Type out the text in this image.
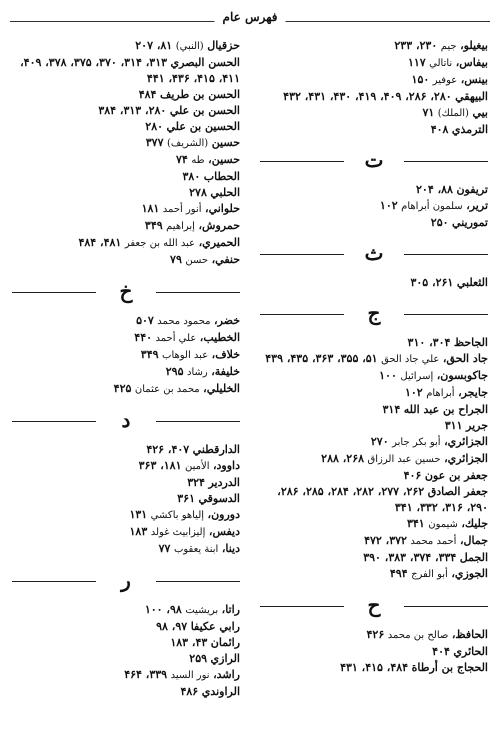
فهرس عام

بيغيلو، جيم ۲۳۰، ۲۳۳

بيفاس، ناتالي ۱۱۷

بينس، عوفير ۱۵۰

البيهقي ۲۸۰، ۲۸۶، ۴۰۹، ۴۱۹، ۴۳۰، ۴۳۱، ۴۳۲

بيي (الملك) ۷۱

الترمذي ۴۰۸

ت

تريفون ۸۸، ۲۰۴

ترير، سلمون أبراهام ۱۰۲

تموريني ۲۵۰

ث

الثعلبي ۲۶۱، ۳۰۵

ج

الجاحظ ۳۰۴، ۳۱۰

جاد الحق، علي جاد الحق ۵۱، ۳۵۵، ۳۶۳، ۴۳۵، ۴۳۹

جاكوبسون، إسرائيل ۱۰۰

جايجر، أبراهام ۱۰۲

الجراح بن عبد الله ۳۱۴

جرير ۳۱۱

الجزائري، أبو بكر جابر ۲۷۰

الجزائري، حسين عبد الرزاق ۲۶۸، ۲۸۸

جعفر بن عون ۴۰۶

جعفر الصادق ۲۶۲، ۲۷۷، ۲۸۲، ۲۸۴، ۲۸۵، ۲۸۶، ۲۹۰، ۳۱۶، ۳۳۲، ۳۴۱

جليك، شيمون ۳۴۱

جمال، أحمد محمد ۳۷۲، ۴۷۲

الجمل ۳۳۴، ۳۷۴، ۳۸۳، ۳۹۰

الجوزي، أبو الفرج ۴۹۴

ح

الحافظ، صالح بن محمد ۴۲۶

الحائري ۴۰۴

الحجاج بن أرطاة ۴۸۴، ۴۱۵، ۴۳۱

حزقيال (النبي) ۸۱، ۲۰۷

الحسن البصري ۳۱۳، ۳۱۴، ۳۷۰، ۳۷۵، ۳۷۸، ۴۰۹، ۴۱۱، ۴۱۵، ۴۳۶، ۴۴۱

الحسن بن طريف ۴۸۴

الحسن بن علي ۲۸۰، ۳۱۳، ۳۸۴

الحسين بن علي ۲۸۰

حسين (الشريف) ۳۷۷

حسين، طه ۷۴

الحطاب ۳۸۰

الحلبي ۲۷۸

حلواني، أنور أحمد ۱۸۱

حمروش، إبراهيم ۳۴۹

الحميري، عبد الله بن جعفر ۴۸۱، ۴۸۴

حنفي، حسن ۷۹

خ

خضر، محمود محمد ۵۰۷

الخطيب، علي أحمد ۴۴۰

خلاف، عبد الوهاب ۳۴۹

خليفة، رشاد ۲۹۵

الخليلي، محمد بن عثمان ۴۲۵

د

الدارقطني ۴۰۷، ۴۲۶

داوود، الأمين ۱۸۱، ۳۶۳

الدردير ۳۲۴

الدسوقي ۳۶۱

دورون، إلياهو باكشي ۱۳۱

ديفس، إليزابيث غولد ۱۸۳

دينا، ابنة يعقوب ۷۷

ر

راتا، بريشيت ۹۸، ۱۰۰

رابي عكيفا ۹۷، ۹۸

رائمان ۴۳، ۱۸۳

الرازي ۲۵۹

راشد، نور السيد ۳۳۹، ۴۶۴

الراوندي ۴۸۶
